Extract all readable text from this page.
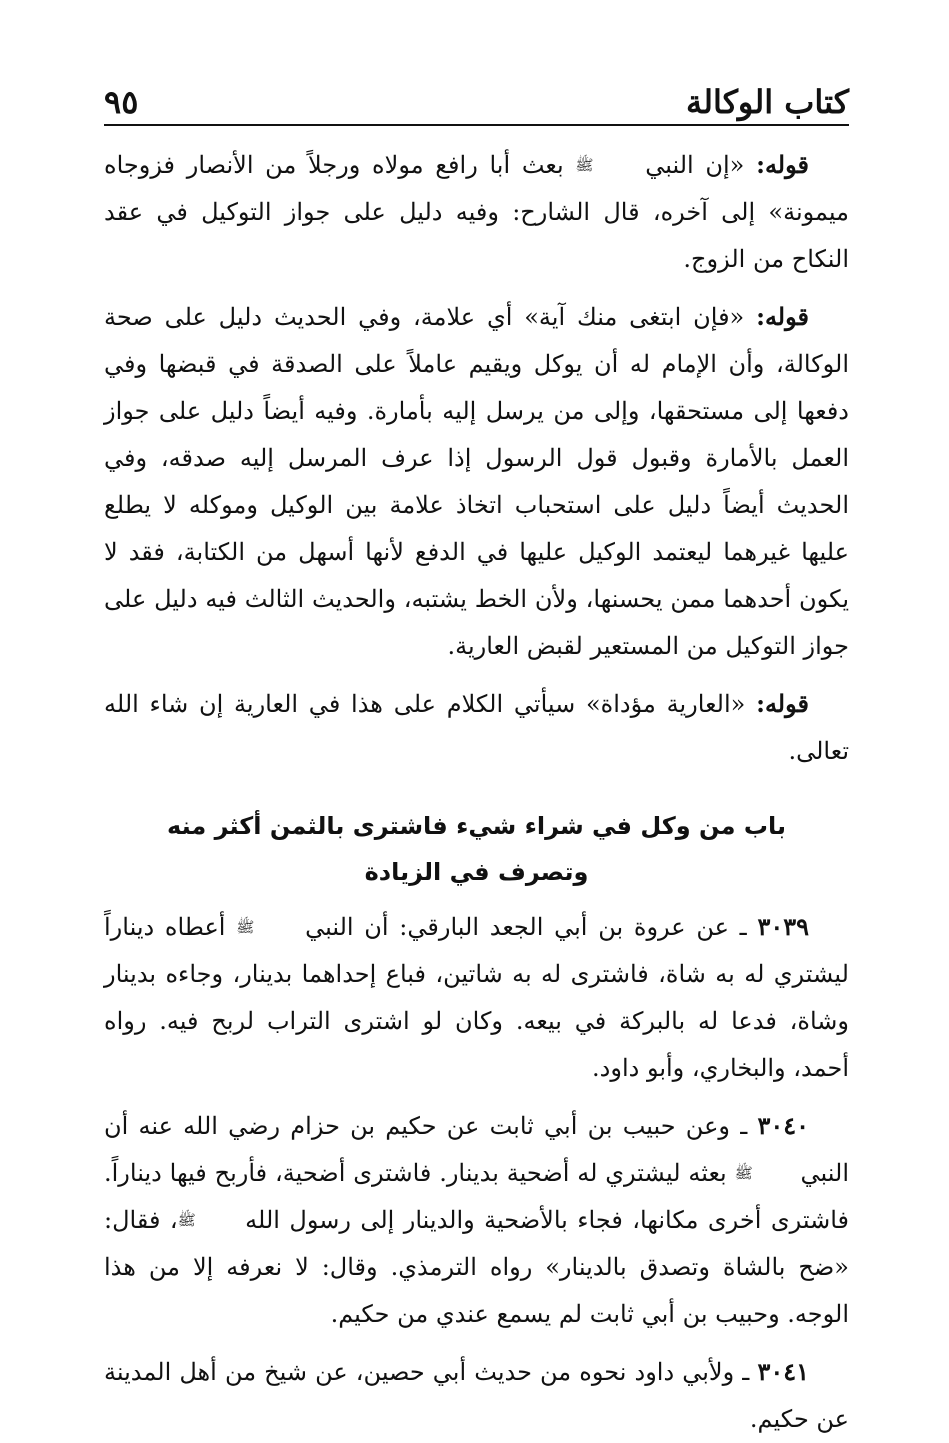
كتاب الوكالة
٩٥

قوله: «إن النبي ﷺ بعث أبا رافع مولاه ورجلاً من الأنصار فزوجاه ميمونة» إلى آخره، قال الشارح: وفيه دليل على جواز التوكيل في عقد النكاح من الزوج.

قوله: «فإن ابتغى منك آية» أي علامة، وفي الحديث دليل على صحة الوكالة، وأن الإمام له أن يوكل ويقيم عاملاً على الصدقة في قبضها وفي دفعها إلى مستحقها، وإلى من يرسل إليه بأمارة. وفيه أيضاً دليل على جواز العمل بالأمارة وقبول قول الرسول إذا عرف المرسل إليه صدقه، وفي الحديث أيضاً دليل على استحباب اتخاذ علامة بين الوكيل وموكله لا يطلع عليها غيرهما ليعتمد الوكيل عليها في الدفع لأنها أسهل من الكتابة، فقد لا يكون أحدهما ممن يحسنها، ولأن الخط يشتبه، والحديث الثالث فيه دليل على جواز التوكيل من المستعير لقبض العارية.

قوله: «العارية مؤداة» سيأتي الكلام على هذا في العارية إن شاء الله تعالى.

باب من وكل في شراء شيء فاشترى بالثمن أكثر منه
وتصرف في الزيادة

٣٠٣٩ ـ عن عروة بن أبي الجعد البارقي: أن النبي ﷺ أعطاه ديناراً ليشتري له به شاة، فاشترى له به شاتين، فباع إحداهما بدينار، وجاءه بدينار وشاة، فدعا له بالبركة في بيعه. وكان لو اشترى التراب لربح فيه. رواه أحمد، والبخاري، وأبو داود.

٣٠٤٠ ـ وعن حبيب بن أبي ثابت عن حكيم بن حزام رضي الله عنه أن النبي ﷺ بعثه ليشتري له أضحية بدينار. فاشترى أضحية، فأربح فيها ديناراً. فاشترى أخرى مكانها، فجاء بالأضحية والدينار إلى رسول الله ﷺ، فقال: «ضح بالشاة وتصدق بالدينار» رواه الترمذي. وقال: لا نعرفه إلا من هذا الوجه. وحبيب بن أبي ثابت لم يسمع عندي من حكيم.

٣٠٤١ ـ ولأبي داود نحوه من حديث أبي حصين، عن شيخ من أهل المدينة عن حكيم.
